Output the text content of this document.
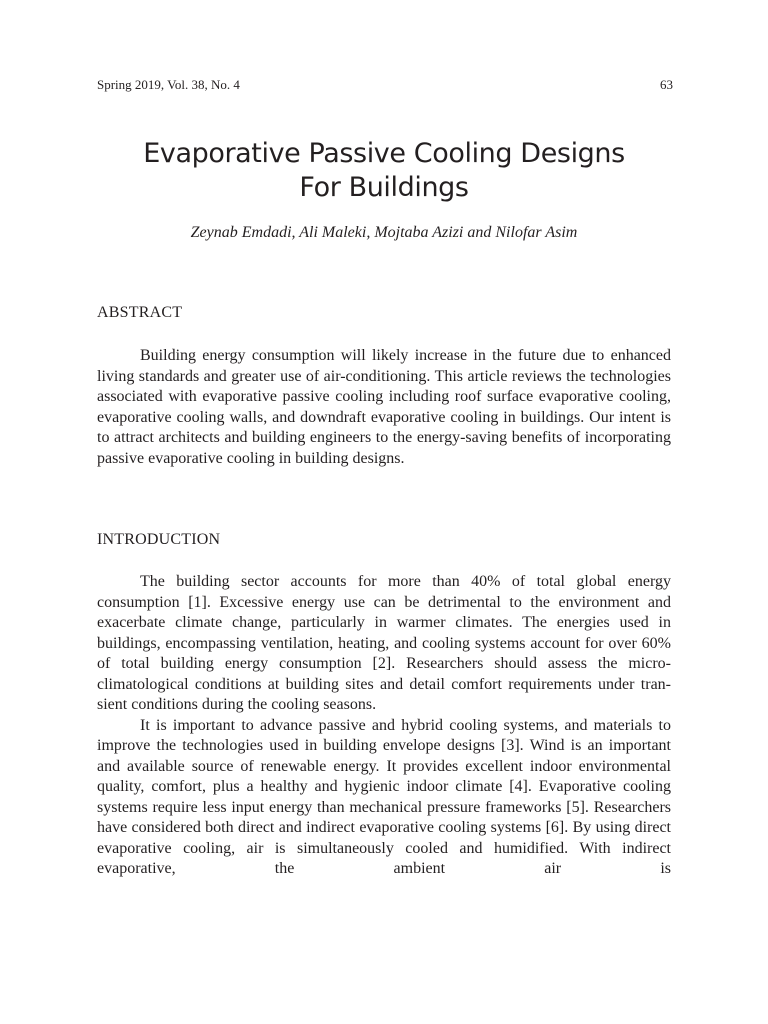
Spring 2019, Vol. 38, No. 4	63
Evaporative Passive Cooling Designs
For Buildings
Zeynab Emdadi, Ali Maleki, Mojtaba Azizi and Nilofar Asim
ABSTRACT

Building energy consumption will likely increase in the future due to enhanced living standards and greater use of air-conditioning. This article reviews the technologies associated with evaporative passive cooling including roof surface evaporative cooling, evaporative cooling walls, and downdraft evaporative cooling in buildings. Our intent is to attract architects and building engineers to the energy-saving benefits of incorporating passive evaporative cooling in building designs.

INTRODUCTION

The building sector accounts for more than 40% of total global energy consumption [1]. Excessive energy use can be detrimental to the environment and exacerbate climate change, particularly in warmer climates. The energies used in buildings, encompassing ventilation, heating, and cooling systems account for over 60% of total building energy consumption [2]. Researchers should assess the micro-climatological conditions at building sites and detail comfort requirements under transient conditions during the cooling seasons.

It is important to advance passive and hybrid cooling systems, and materials to improve the technologies used in building envelope designs [3]. Wind is an important and available source of renewable energy. It provides excellent indoor environmental quality, comfort, plus a healthy and hygienic indoor climate [4]. Evaporative cooling systems require less input energy than mechanical pressure frameworks [5]. Researchers have considered both direct and indirect evaporative cooling systems [6]. By using direct evaporative cooling, air is simultaneously cooled and humidified. With indirect evaporative, the ambient air is
